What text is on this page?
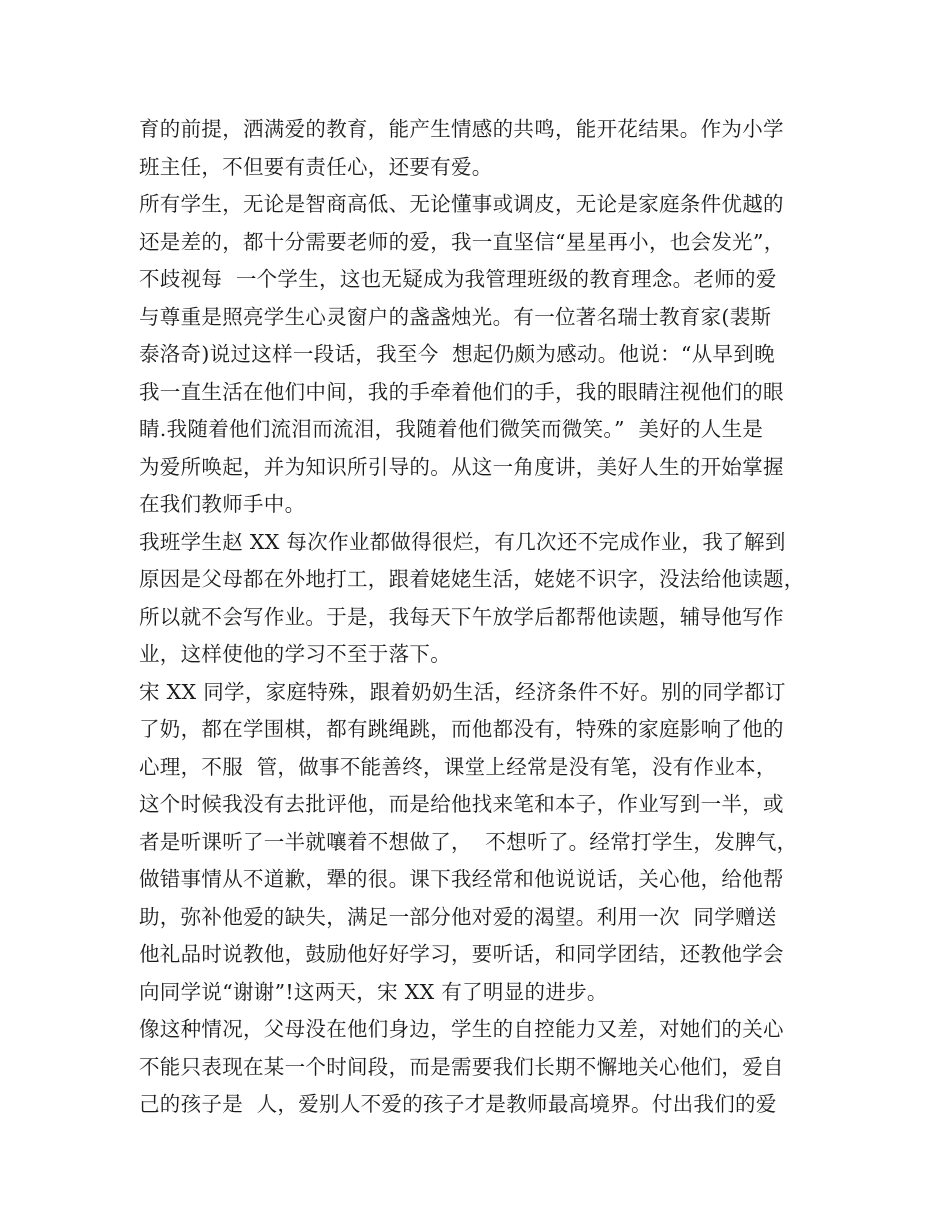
育的前提，洒满爱的教育，能产生情感的共鸣，能开花结果。作为小学
班主任，不但要有责任心，还要有爱。
所有学生，无论是智商高低、无论懂事或调皮，无论是家庭条件优越的
还是差的，都十分需要老师的爱，我一直坚信“星星再小，也会发光”，
不歧视每  一个学生，这也无疑成为我管理班级的教育理念。老师的爱
与尊重是照亮学生心灵窗户的盏盏烛光。有一位著名瑞士教育家(裴斯
泰洛奇)说过这样一段话，我至今  想起仍颇为感动。他说：“从早到晚
我一直生活在他们中间，我的手牵着他们的手，我的眼睛注视他们的眼
睛.我随着他们流泪而流泪，我随着他们微笑而微笑。”  美好的人生是
为爱所唤起，并为知识所引导的。从这一角度讲，美好人生的开始掌握
在我们教师手中。
我班学生赵 XX 每次作业都做得很烂，有几次还不完成作业，我了解到
原因是父母都在外地打工，跟着姥姥生活，姥姥不识字，没法给他读题，
所以就不会写作业。于是，我每天下午放学后都帮他读题，辅导他写作
业，这样使他的学习不至于落下。
宋 XX 同学，家庭特殊，跟着奶奶生活，经济条件不好。别的同学都订
了奶，都在学围棋，都有跳绳跳，而他都没有，特殊的家庭影响了他的
心理，不服  管，做事不能善终，课堂上经常是没有笔，没有作业本，
这个时候我没有去批评他，而是给他找来笔和本子，作业写到一半，或
者是听课听了一半就嚷着不想做了，  不想听了。经常打学生，发脾气，
做错事情从不道歉，犟的很。课下我经常和他说说话，关心他，给他帮
助，弥补他爱的缺失，满足一部分他对爱的渴望。利用一次  同学赠送
他礼品时说教他，鼓励他好好学习，要听话，和同学团结，还教他学会
向同学说“谢谢”!这两天，宋 XX 有了明显的进步。
像这种情况，父母没在他们身边，学生的自控能力又差，对她们的关心
不能只表现在某一个时间段，而是需要我们长期不懈地关心他们，爱自
己的孩子是  人，爱别人不爱的孩子才是教师最高境界。付出我们的爱
